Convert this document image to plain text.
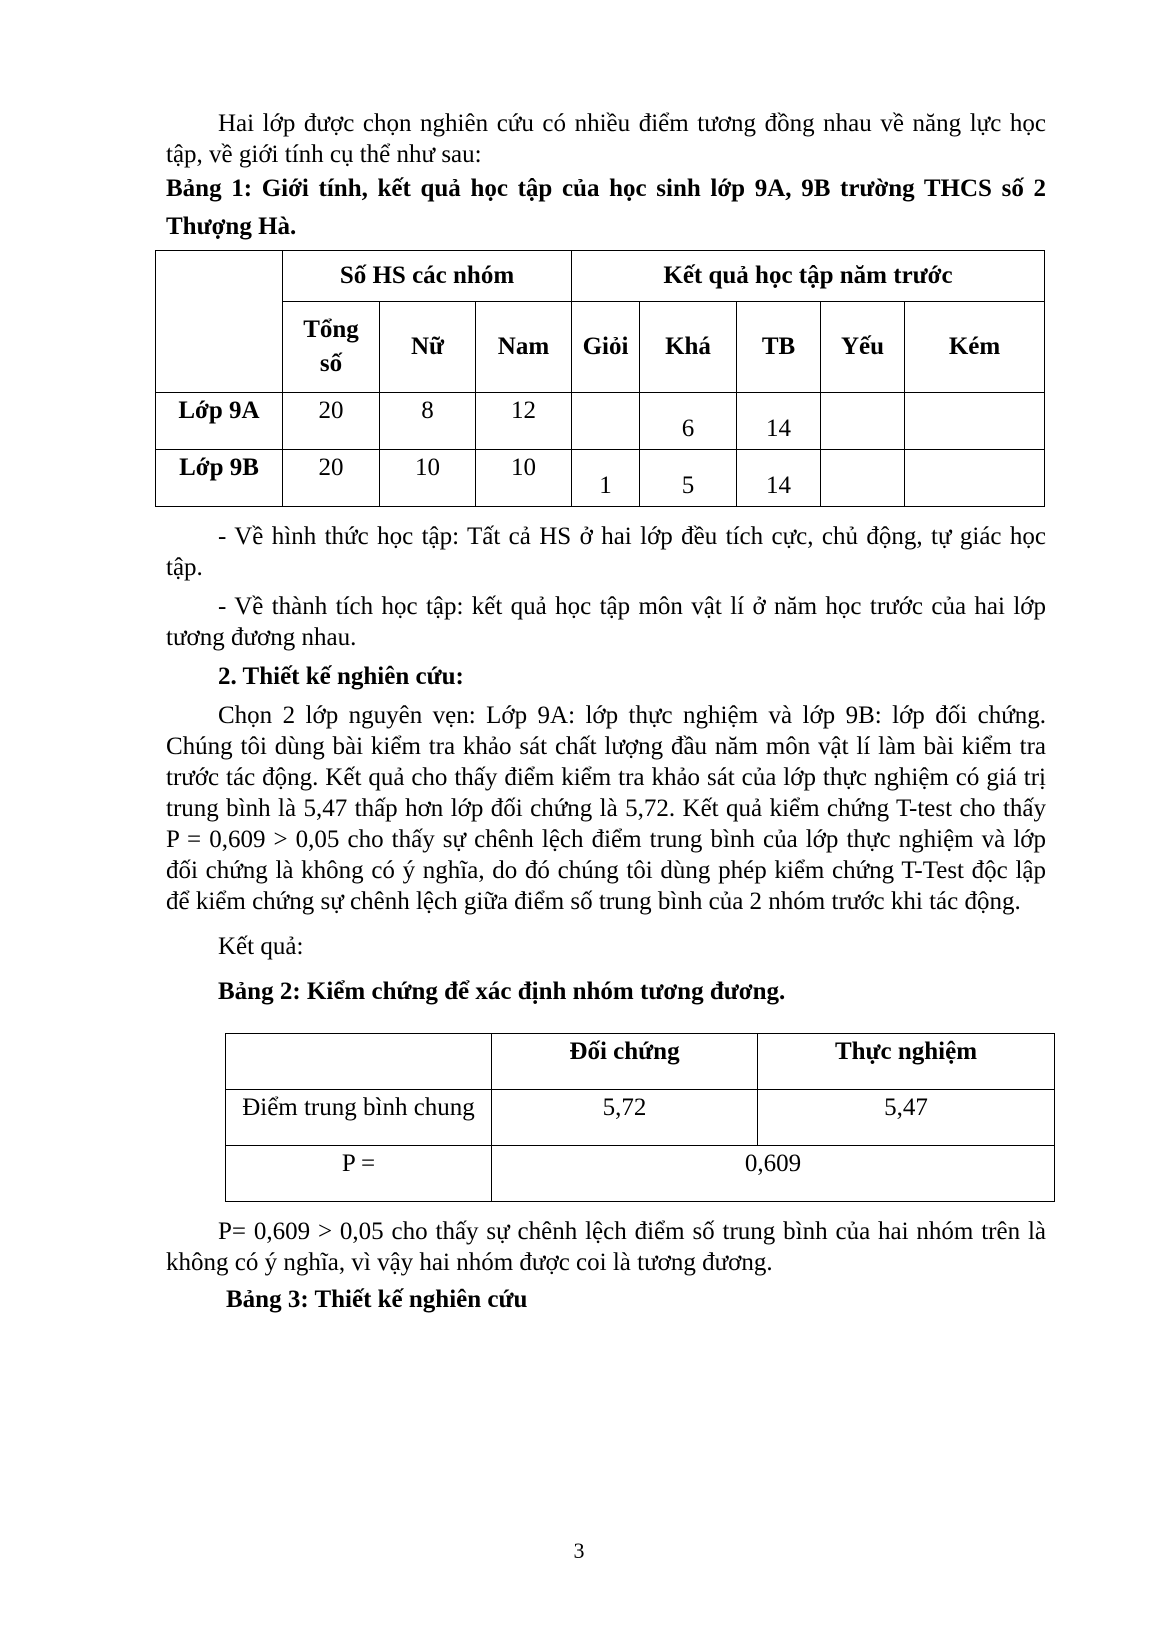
Hai lớp được chọn nghiên cứu có nhiều điểm tương đồng nhau về năng lực học tập, về giới tính cụ thể như sau:

Bảng 1: Giới tính, kết quả học tập của học sinh lớp 9A, 9B trường THCS số 2 Thượng Hà.

	Số HS các nhóm			Kết quả học tập năm trước				
	Tổng
số	Nữ	Nam	Giỏi	Khá	TB	Yếu	Kém
Lớp 9A	20	8	12		6	14		
Lớp 9B	20	10	10	1	5	14		

- Về hình thức học tập: Tất cả HS ở hai lớp đều tích cực, chủ động, tự giác học tập.

- Về thành tích học tập: kết quả học tập môn vật lí ở năm học trước của hai lớp tương đương nhau.

2. Thiết kế nghiên cứu:

Chọn 2 lớp nguyên vẹn: Lớp 9A: lớp thực nghiệm và lớp 9B: lớp đối chứng. Chúng tôi dùng bài kiểm tra khảo sát chất lượng đầu năm môn vật lí làm bài kiểm tra trước tác động. Kết quả cho thấy điểm kiểm tra khảo sát của lớp thực nghiệm có giá trị trung bình là 5,47 thấp hơn lớp đối chứng là 5,72. Kết quả kiểm chứng T-test cho thấy P = 0,609 > 0,05 cho thấy sự chênh lệch điểm trung bình của lớp thực nghiệm và lớp đối chứng là không có ý nghĩa, do đó chúng tôi dùng phép kiểm chứng T-Test độc lập để kiểm chứng sự chênh lệch giữa điểm số trung bình của 2 nhóm trước khi tác động.

Kết quả:

Bảng 2: Kiểm chứng để xác định nhóm tương đương.

	Đối chứng	Thực nghiệm
Điểm trung bình chung	5,72	5,47
P =	0,609	

P= 0,609 > 0,05 cho thấy sự chênh lệch điểm số trung bình của hai nhóm trên là không có ý nghĩa, vì vậy hai nhóm được coi là tương đương.

Bảng 3: Thiết kế nghiên cứu

3
